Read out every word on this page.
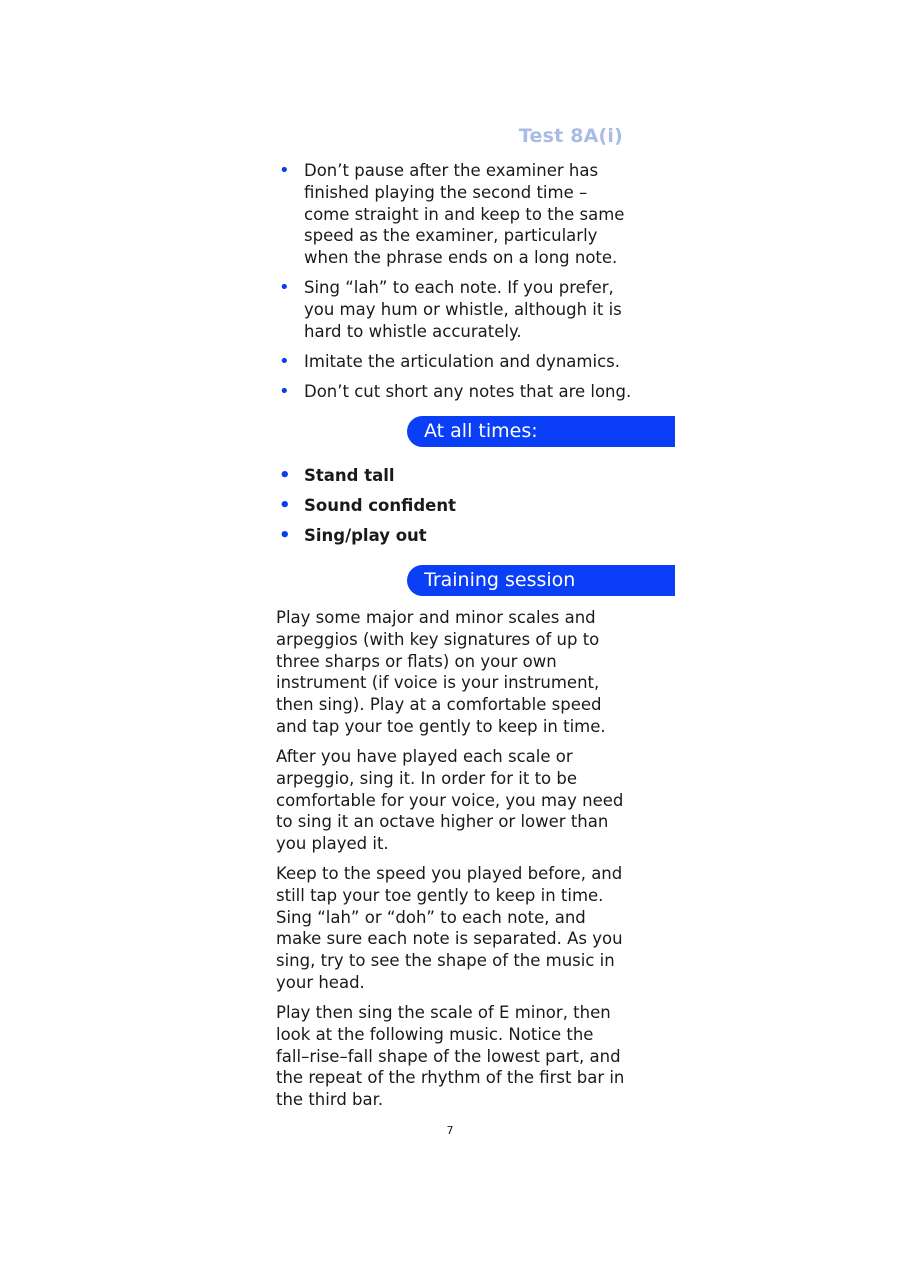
Test 8A(i)
• Don’t pause after the examiner has finished playing the second time – come straight in and keep to the same speed as the examiner, particularly when the phrase ends on a long note.
• Sing “lah” to each note. If you prefer, you may hum or whistle, although it is hard to whistle accurately.
• Imitate the articulation and dynamics.
• Don’t cut short any notes that are long.
At all times:
• Stand tall
• Sound confident
• Sing/play out
Training session

Play some major and minor scales and arpeggios (with key signatures of up to three sharps or flats) on your own instrument (if voice is your instrument, then sing). Play at a comfortable speed and tap your toe gently to keep in time.

After you have played each scale or arpeggio, sing it. In order for it to be comfortable for your voice, you may need to sing it an octave higher or lower than you played it.

Keep to the speed you played before, and still tap your toe gently to keep in time. Sing “lah” or “doh” to each note, and make sure each note is separated. As you sing, try to see the shape of the music in your head.

Play then sing the scale of E minor, then look at the following music. Notice the fall–rise–fall shape of the lowest part, and the repeat of the rhythm of the first bar in the third bar.

7
